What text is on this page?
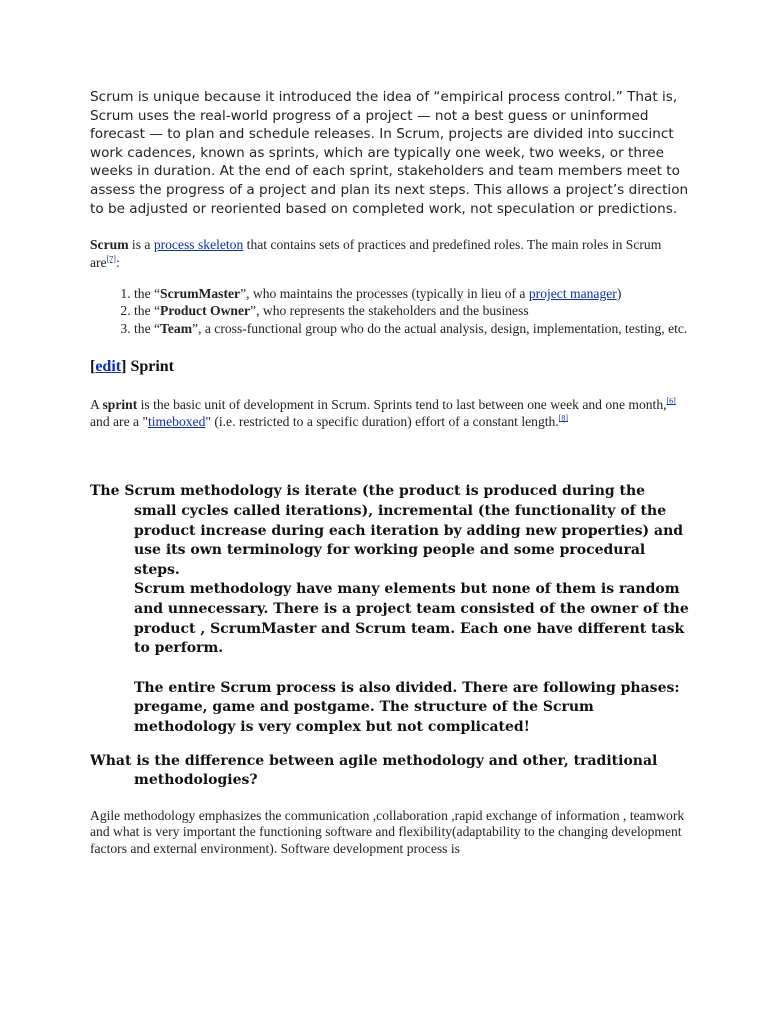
Scrum is unique because it introduced the idea of “empirical process control.” That is, Scrum uses the real-world progress of a project — not a best guess or uninformed forecast — to plan and schedule releases. In Scrum, projects are divided into succinct work cadences, known as sprints, which are typically one week, two weeks, or three weeks in duration. At the end of each sprint, stakeholders and team members meet to assess the progress of a project and plan its next steps. This allows a project’s direction to be adjusted or reoriented based on completed work, not speculation or predictions.

Scrum is a process skeleton that contains sets of practices and predefined roles. The main roles in Scrum are[7]:

1. the “ScrumMaster”, who maintains the processes (typically in lieu of a project manager)
2. the “Product Owner”, who represents the stakeholders and the business
3. the “Team”, a cross-functional group who do the actual analysis, design, implementation, testing, etc.
[edit] Sprint

A sprint is the basic unit of development in Scrum. Sprints tend to last between one week and one month,[6] and are a "timeboxed" (i.e. restricted to a specific duration) effort of a constant length.[8]

The Scrum methodology is iterate (the product is produced during the small cycles called iterations), incremental (the functionality of the product increase during each iteration by adding new properties) and use its own terminology for working people and some procedural steps.

Scrum methodology have many elements but none of them is random and unnecessary. There is a project team consisted of the owner of the product , ScrumMaster and Scrum team. Each one have different task to perform.

The entire Scrum process is also divided. There are following phases: pregame, game and postgame. The structure of the Scrum methodology is very complex but not complicated!

What is the difference between agile methodology and other, traditional methodologies?

Agile methodology emphasizes the communication ,collaboration ,rapid exchange of information , teamwork and what is very important the functioning software and flexibility(adaptability to the changing development factors and external environment). Software development process is
